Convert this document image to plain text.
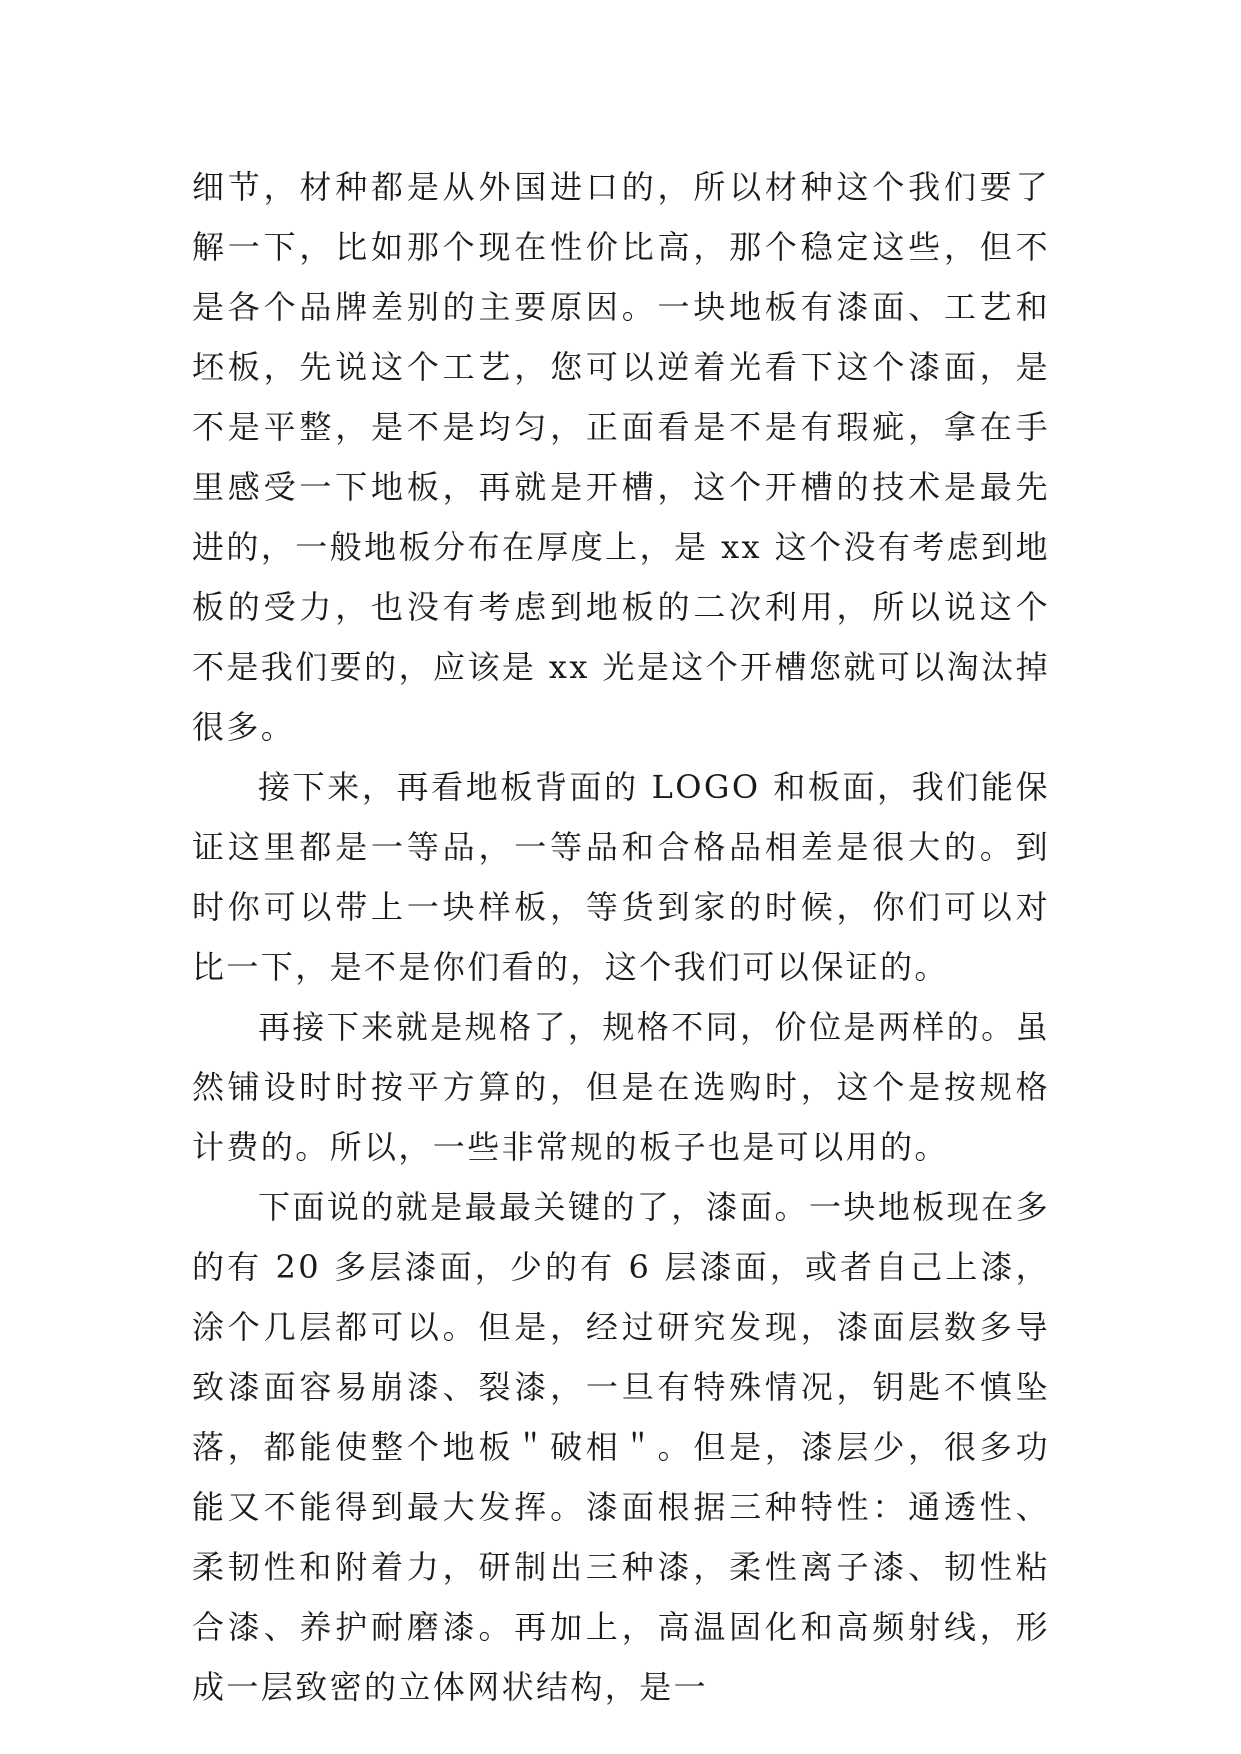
细节，材种都是从外国进口的，所以材种这个我们要了解一下，比如那个现在性价比高，那个稳定这些，但不是各个品牌差别的主要原因。一块地板有漆面、工艺和坯板，先说这个工艺，您可以逆着光看下这个漆面，是不是平整，是不是均匀，正面看是不是有瑕疵，拿在手里感受一下地板，再就是开槽，这个开槽的技术是最先进的，一般地板分布在厚度上，是 xx 这个没有考虑到地板的受力，也没有考虑到地板的二次利用，所以说这个不是我们要的，应该是 xx 光是这个开槽您就可以淘汰掉很多。

接下来，再看地板背面的 LOGO 和板面，我们能保证这里都是一等品，一等品和合格品相差是很大的。到时你可以带上一块样板，等货到家的时候，你们可以对比一下，是不是你们看的，这个我们可以保证的。

再接下来就是规格了，规格不同，价位是两样的。虽然铺设时时按平方算的，但是在选购时，这个是按规格计费的。所以，一些非常规的板子也是可以用的。

下面说的就是最最关键的了，漆面。一块地板现在多的有 20 多层漆面，少的有 6 层漆面，或者自己上漆，涂个几层都可以。但是，经过研究发现，漆面层数多导致漆面容易崩漆、裂漆，一旦有特殊情况，钥匙不慎坠落，都能使整个地板＂破相＂。但是，漆层少，很多功能又不能得到最大发挥。漆面根据三种特性：通透性、柔韧性和附着力，研制出三种漆，柔性离子漆、韧性粘合漆、养护耐磨漆。再加上，高温固化和高频射线，形成一层致密的立体网状结构，是一
